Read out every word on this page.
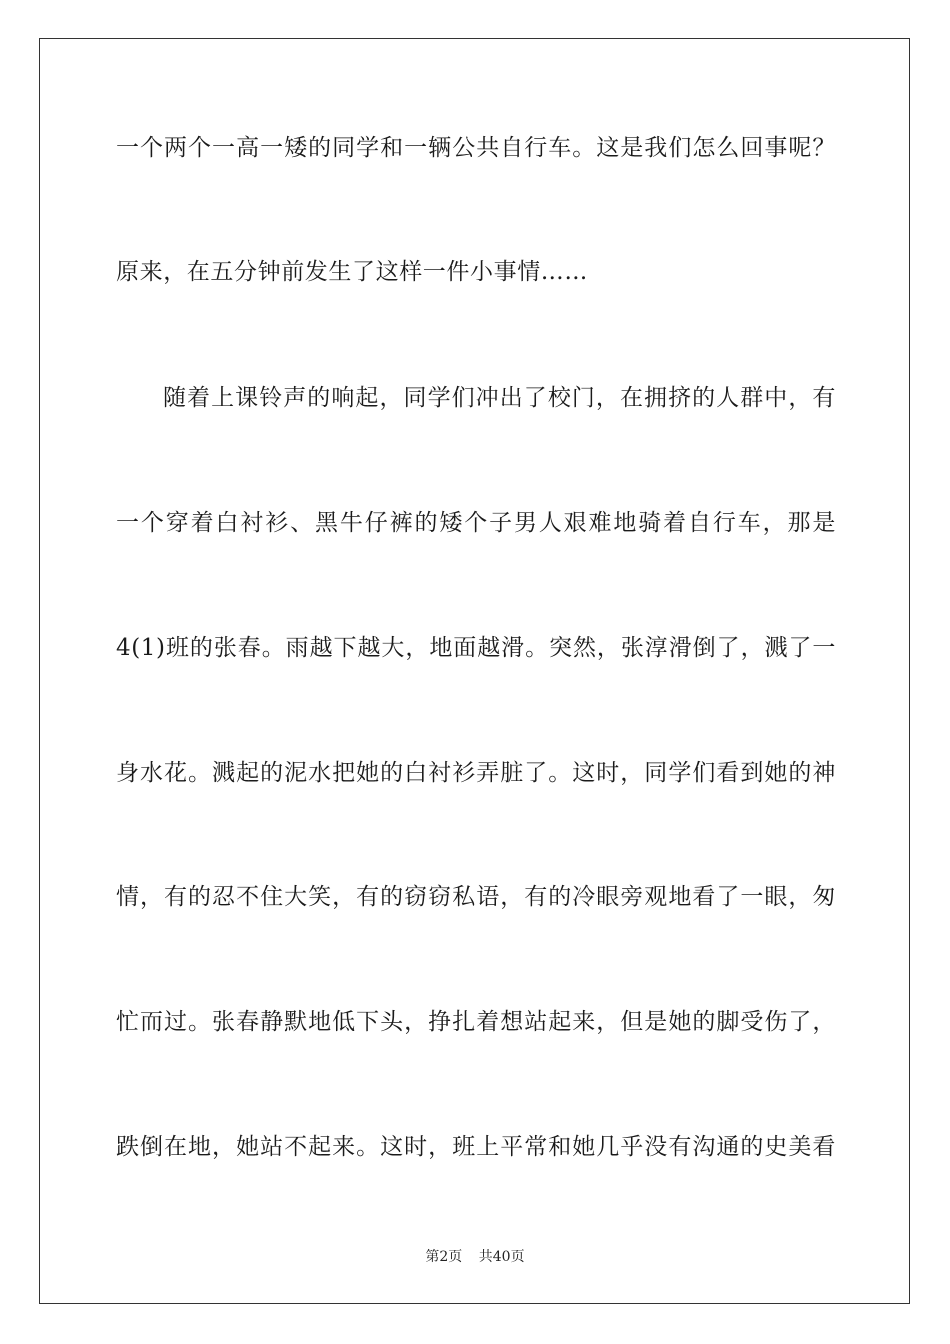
一个两个一高一矮的同学和一辆公共自行车。这是我们怎么回事呢？
原来，在五分钟前发生了这样一件小事情……
随着上课铃声的响起，同学们冲出了校门，在拥挤的人群中，有
一个穿着白衬衫、黑牛仔裤的矮个子男人艰难地骑着自行车，那是
4(1)班的张春。雨越下越大，地面越滑。突然，张淳滑倒了，溅了一
身水花。溅起的泥水把她的白衬衫弄脏了。这时，同学们看到她的神
情，有的忍不住大笑，有的窃窃私语，有的冷眼旁观地看了一眼，匆
忙而过。张春静默地低下头，挣扎着想站起来，但是她的脚受伤了，
跌倒在地，她站不起来。这时，班上平常和她几乎没有沟通的史美看
第2页 共40页
